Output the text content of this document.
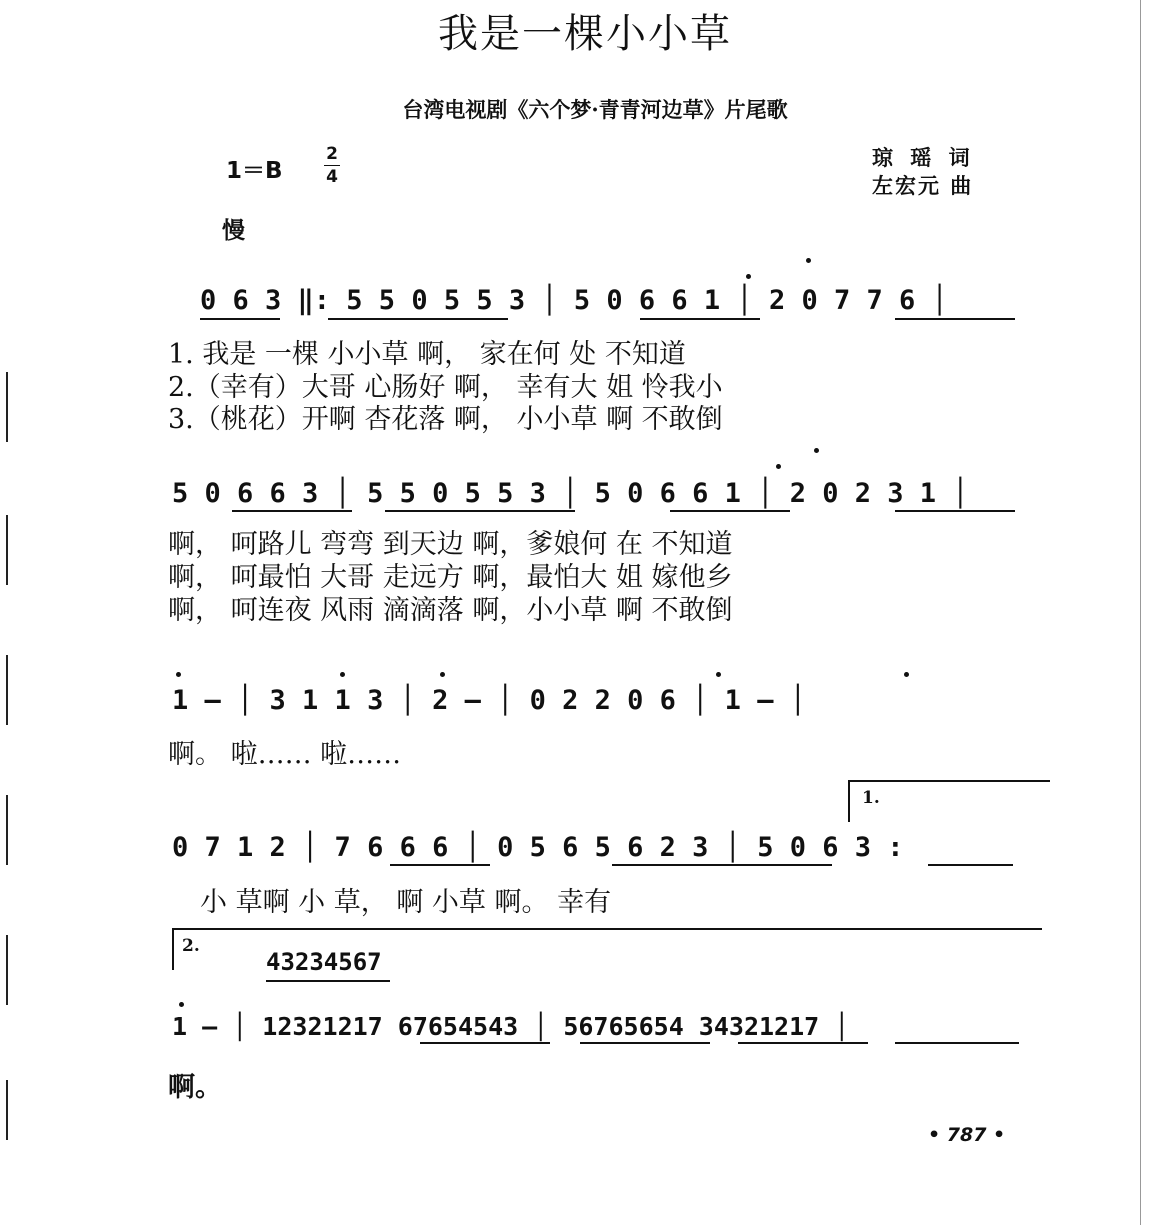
我是一棵小小草
台湾电视剧《六个梦·青青河边草》片尾歌
1＝B
2
4
琼 瑶 词
左宏元 曲
慢
0 6 3 ‖: 5 5 0 5 5 3 │ 5 0 6 6 1 │ 2 0 7 7 6 │
1. 我是 一棵 小小草 啊， 家在何 处 不知道
2.（幸有）大哥 心肠好 啊， 幸有大 姐 怜我小
3.（桃花）开啊 杏花落 啊， 小小草 啊 不敢倒
5 0 6 6 3 │ 5 5 0 5 5 3 │ 5 0 6 6 1 │ 2 0 2 3 1 │
啊， 呵路儿 弯弯 到天边 啊，爹娘何 在 不知道
啊， 呵最怕 大哥 走远方 啊，最怕大 姐 嫁他乡
啊， 呵连夜 风雨 滴滴落 啊，小小草 啊 不敢倒
1 — │ 3 1 1 3 │ 2 — │ 0 2 2 0 6 │ 1 — │
啊。 啦…… 啦……
1.
0 7 1 2 │ 7 6 6 6 │ 0 5 6 5 6 2 3 │ 5 0 6 3 :
小 草啊 小 草， 啊 小草 啊。 幸有
2.
43234567
1 — │ 12321217 67654543 │ 56765654 34321217 │
啊。
• 787 •
